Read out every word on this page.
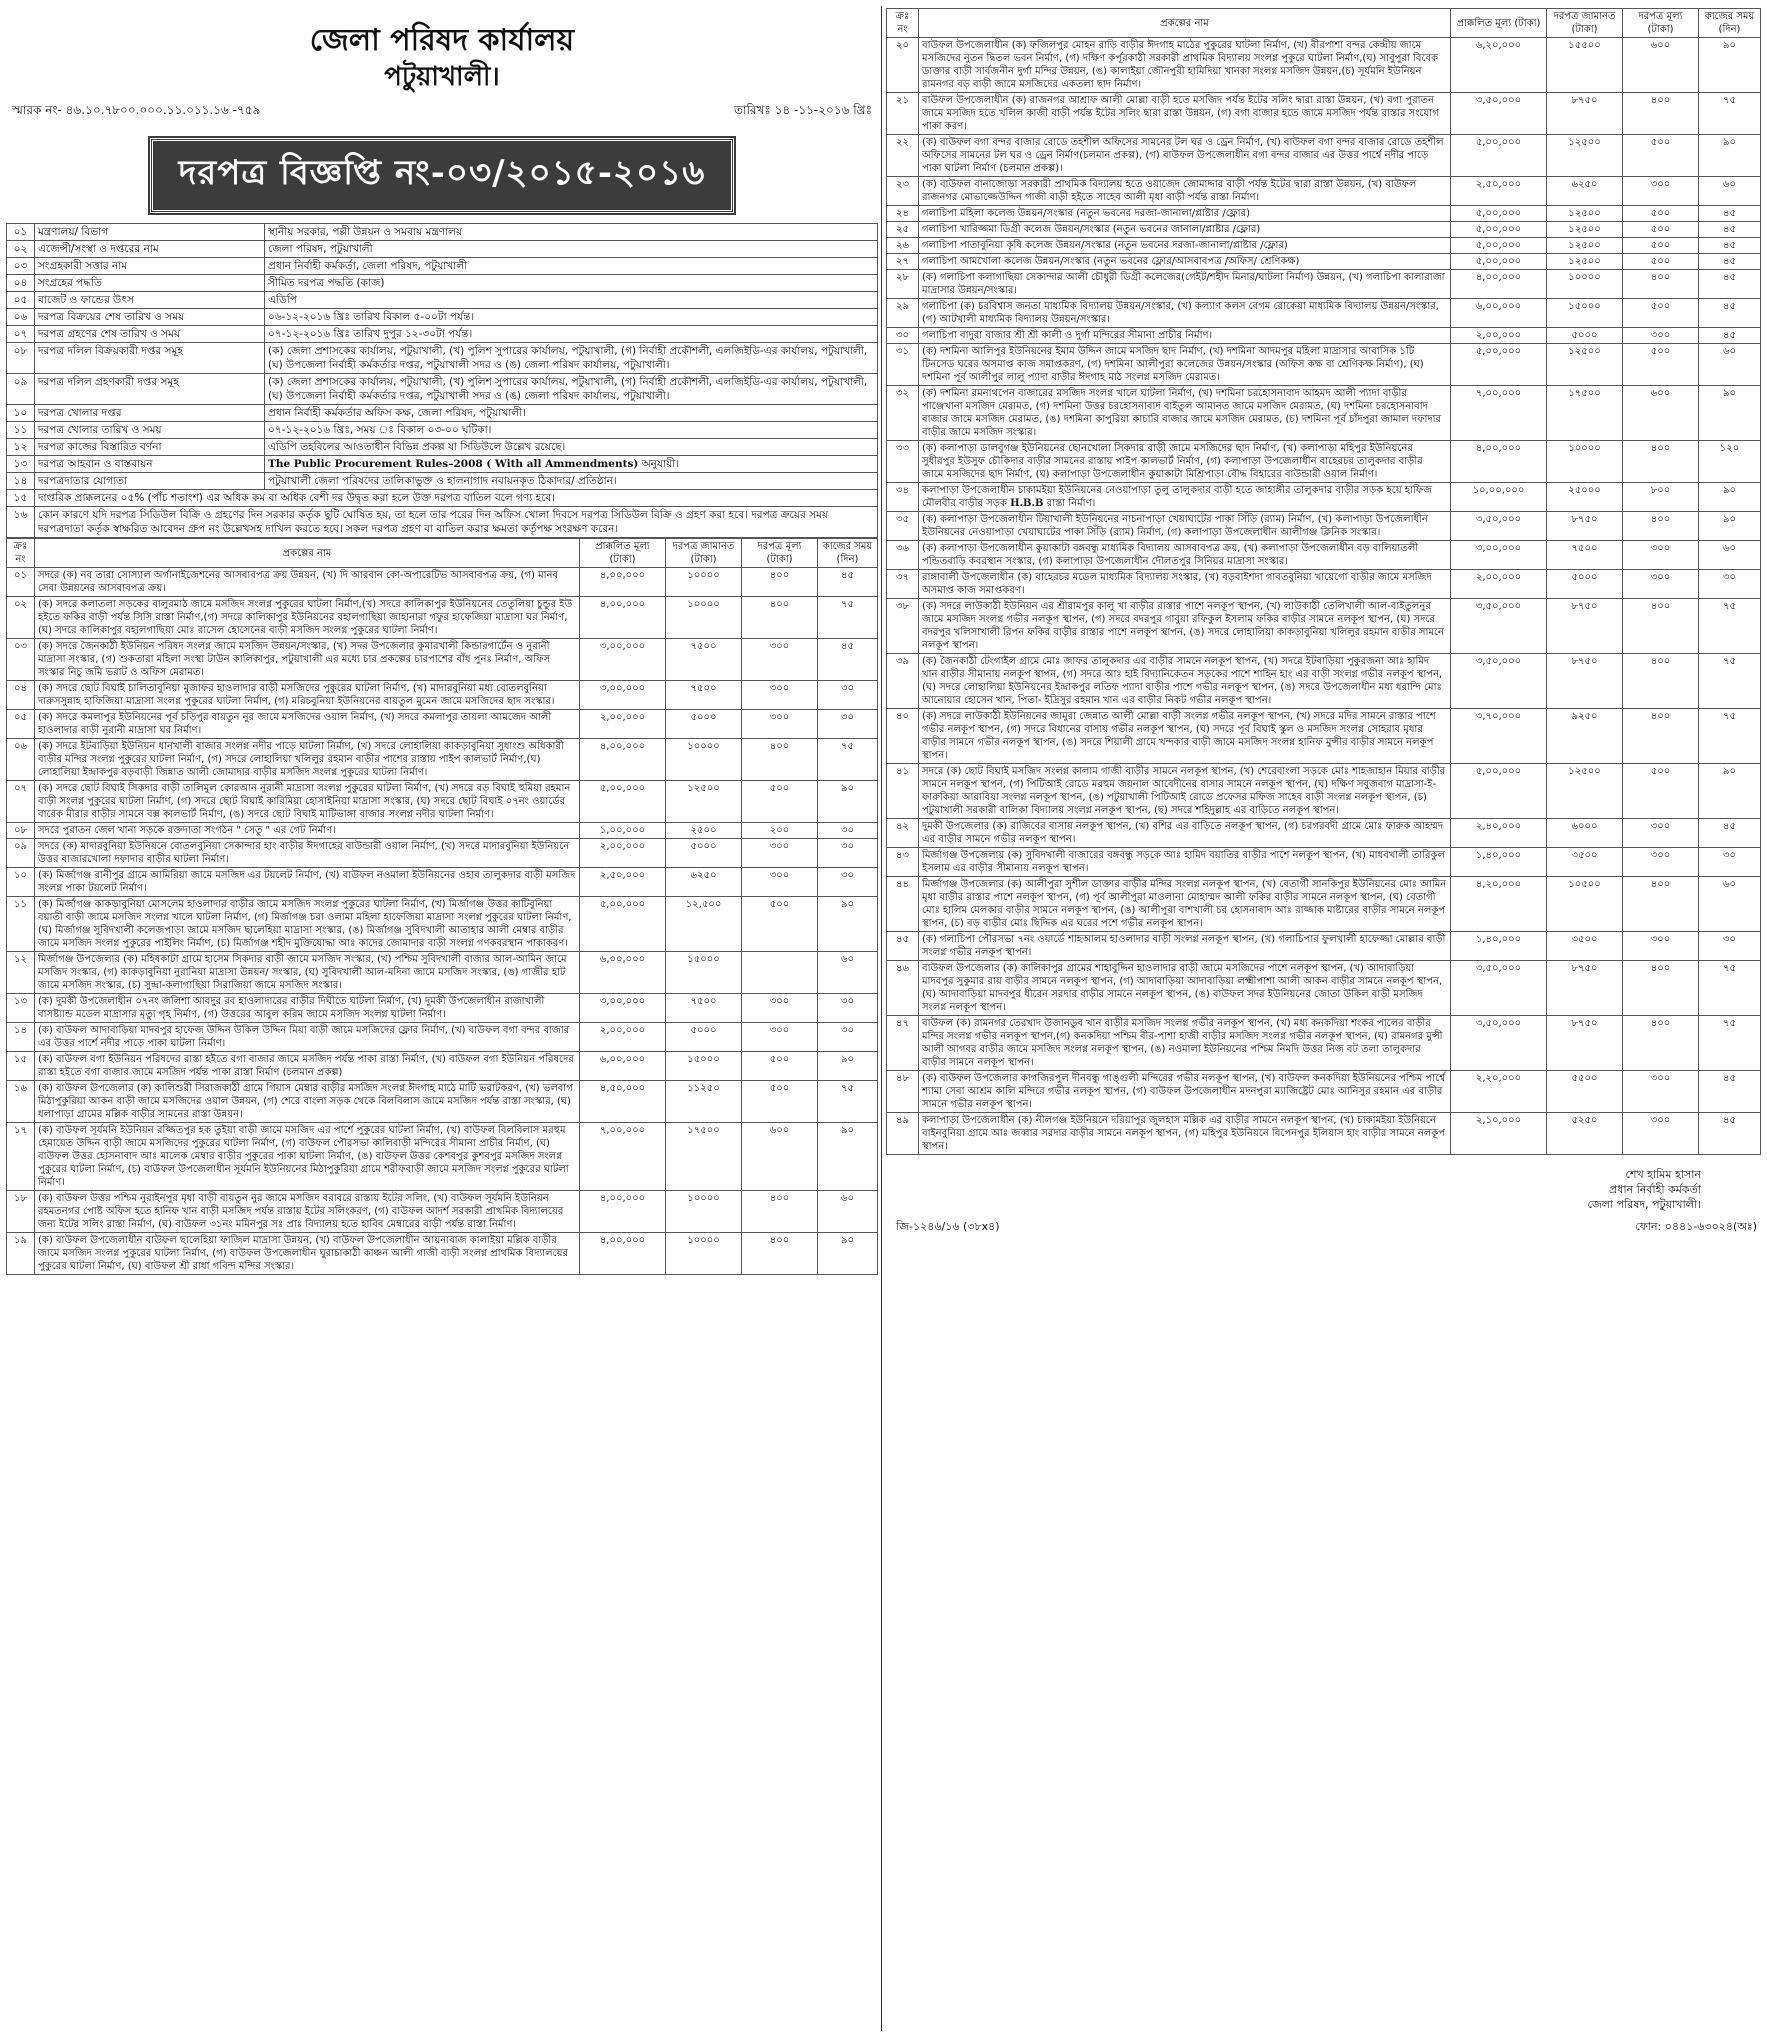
জেলা পরিষদ কার্যালয়
পটুয়াখালী।
স্মারক নং- ৪৬.১০.৭৮০০.০০০.১১.০১১.১৬ -৭৫৯	তারিখঃ ১৪ -১১-২০১৬ খ্রিঃ
দরপত্র বিজ্ঞপ্তি নং-০৩/২০১৫-২০১৬
০১	মন্ত্রণালয়/ বিভাগ	স্থানীয় সরকার, পল্লী উন্নয়ন ও সমবায় মন্ত্রণালয়
০২	এজেন্সী/সংস্থা ও দপ্তরের নাম	জেলা পরিষদ, পটুয়াখালী
০৩	সংগ্রহকারী সত্তার নাম	প্রধান নির্বাহী কর্মকর্তা, জেলা পরিষদ, পটুয়াখালী
০৪	সংগ্রহের পদ্ধতি	সীমিত দরপত্র পদ্ধতি (কাজ)
০৫	বাজেট ও ফান্ডের উৎস	এডিপি
০৬	দরপত্র বিক্রয়ের শেষ তারিখ ও সময়	০৬-১২-২০১৬ খ্রিঃ তারিখ বিকাল ৫-০০টা পর্যন্ত।
০৭	দরপত্র গ্রহণের শেষ তারিখ ও সময়	০৭-১২-২০১৬ খ্রিঃ তারিখ দুপুর ১২-৩০টা পর্যন্ত।
০৮	দরপত্র দলিল বিক্রয়কারী দপ্তর সমূহ	(ক) জেলা প্রশাসকের কার্যালয়, পটুয়াখালী, (খ) পুলিশ সুপারের কার্যালয়, পটুয়াখালী, (গ) নির্বাহী প্রকৌশলী, এলজিইডি-এর কার্যালয়, পটুয়াখালী, (ঘ) উপজেলা নির্বাহী কর্মকর্তার দপ্তর, পটুয়াখালী সদর ও (ঙ) জেলা পরিষদ কার্যালয়, পটুয়াখালী।
০৯	দরপত্র দলিল গ্রহণকারী দপ্তর সমূহ	(ক) জেলা প্রশাসকের কার্যালয়, পটুয়াখালী, (খ) পুলিশ সুপারের কার্যালয়, পটুয়াখালী, (গ) নির্বাহী প্রকৌশলী, এলজিইডি-এর কার্যালয়, পটুয়াখালী, (ঘ) উপজেলা নির্বাহী কর্মকর্তার দপ্তর, পটুয়াখালী সদর ও (ঙ) জেলা পরিষদ কার্যালয়, পটুয়াখালী।
১০	দরপত্র খোলার দপ্তর	প্রধান নির্বাহী কর্মকর্তার অফিস কক্ষ, জেলা পরিষদ, পটুয়াখালী।
১১	দরপত্র খোলার তারিখ ও সময়	০৭-১২-২০১৬ খ্রিঃ, সময় ঃ বিকাল ০৩-০০ ঘটিকা।
১২	দরপত্র কাজের বিস্তারিত বর্ণনা	এডিপি তহবিলের আওতাধীন বিভিন্ন প্রকল্প যা সিডিউলে উল্লেখ রয়েছে।
১৩	দরপত্র আহবান ও বাস্তবায়ন	The Public Procurement Rules–2008 ( With all Ammendments) অনুযায়ী।
১৪	দরপত্রদাতার যোগ্যতা	পটুয়াখালী জেলা পরিষদের তালিকাভুক্ত ও হালনাগাদ নবায়নকৃত ঠিকাদার/ প্রতিষ্ঠান।
১৫	দাপ্তরিক প্রাক্কলনের ০৫% (পাঁচ শতাংশ) এর অধিক কম বা অধিক বেশী দর উদ্বৃত করা হলে উক্ত দরপত্র বাতিল বলে গণ্য হবে।	
১৬	কোন কারণে যদি দরপত্র সিডিউল বিক্রি ও গ্রহণের দিন সরকার কর্তৃক ছুটি ঘোষিত হয়, তা হলে তার পরের দিন অফিস খোলা দিবসে দরপত্র সিডিউল বিক্রি ও গ্রহণ করা হবে। দরপত্র ক্রয়ের সময় দরপত্রদাতা কর্তৃক স্বাক্ষরিত আবেদন গ্রুপ নং উল্লেখসহ দাখিল করতে হবে। সকল দরপত্র গ্রহণ বা বাতিল করার ক্ষমতা কর্তৃপক্ষ সংরক্ষণ করেন।	
ক্রঃ নং	প্রকল্পের নাম	প্রাক্কলিত মূল্য (টাকা)	দরপত্র জামানত (টাকা)	দরপত্র মূল্য (টাকা)	কাজের সময় (দিন)
০১	সদরে (ক) নব তারা সোস্যাল অর্গানাইজেশনের আসবাবপত্র ক্রয় উন্নয়ন, (খ) দি আরবান কো-অপারেটিভ আসবাবপত্র ক্রয়, (গ) মানব সেবা উন্নয়নের আসবাবপত্র ক্রয়।	৪,০০,০০০	১০০০০	৪০০	৪৫
০২	(ক) সদরে কলাতলা সড়কের বালুরমাঠ জামে মসজিদ সংলগ্ন পুকুরের ঘাটলা নির্মাণ,(খ) সদরে কালিকাপুর ইউনিয়নের তেতুলিয়া চুন্ডুর ইউ হইতে ফকির বাড়ী পর্যন্ত সিসি রাস্তা নির্মাণ,(গ) সদরে কালিকাপুর ইউনিয়নের বহালগাছিয়া জাহানারা গফুর হাফেজিয়া মাদ্রাসা ঘর নির্মাণ, (ঘ) সদরে কালিকাপুর বহালগাছিয়া মোঃ রাসেল হোসেনের বাড়ী মসজিদ সংলগ্ন পুকুরের ঘাটলা নির্মাণ।	৪,০০,০০০	১০০০০	৪০০	৭৫
০৩	(ক) সদরে জৈনকাঠী ইউনিয়ন পরিষদ সংলগ্ন জামে মসজিদ উন্নয়ন/সংস্কার, (খ) সদর উপজেলার কুমারখালী কিন্ডারগার্টেন ও নুরানী মাদ্রাসা সংস্কার, (গ) শুকতারা মহিলা সংস্থা টাউন কালিকাপুর, পটুয়াখালী এর মধ্যে চার প্রকল্পের চারপাশের বাঁধ পুনঃ নির্মাণ, অফিস সংস্কার নিচু জমি ভরাট ও অফিস মেরামত।	৩,০০,০০০	৭৫০০	৩০০	৪৫
০৪	(ক) সদরে ছোট বিঘাই চালিতাবুনিয়া মুজাফর হাওলাদার বাড়ী মসজিদের পুকুরের ঘাটলা নির্মাণ, (খ) মাদারবুনিয়া মধ্য বোতলবুনিয়া দারুসসুন্নাহ হাফিজিয়া মাদ্রাসা সংলগ্ন পুকুরের ঘাটলা নির্মাণ, (গ) মরিচবুনিয়া ইউনিয়নের বায়তুল মুমেন জামে মসজিদের ছাদ সংস্কার।	৩,০০,০০০	৭৫০০	৩০০	৩০
০৫	(ক) সদরে কমলাপুর ইউনিয়নের পূর্ব চড়িপুর বায়তুন নুর জামে মসজিদের ওয়াল নির্মাণ, (খ) সদরে কমলাপুর তায়লা আমজেদ আলী হাওলাদার বাড়ী নুরানী মাদ্রাসা ঘর নির্মাণ।	২,০০,০০০	৫০০০	৩০০	৩০
০৬	(ক) সদরে ইটবাড়িয়া ইউনিয়ন ধানখালী বাজার সংলগ্ন নদীর পাড়ে ঘাটলা নির্মাণ, (খ) সদরে লোহালিয়া কাকড়াবুনিয়া সুধাংশু অধিকারী বাড়ীর মন্দির সংলগ্ন পুকুরের ঘাটলা নির্মাণ, (গ) সদরে লোহালিয়া খলিলুর রহমান বাড়ীর পাশের রাস্তায় পাইপ কালভার্ট নির্মাণ,(ঘ) লোহালিয়া ইন্দ্রাকপুর বড়বাড়ী জিন্নাত আলী জোমাদার বাড়ীর মসজিদ সংলগ্ন পুকুরের ঘাটলা নির্মাণ।	৪,০০,০০০	১০০০০	৪০০	৭৫
০৭	(ক) সদরে ছোট বিঘাই সিকদার বাড়ী তালিমুল কোরআন নুরানী মাদ্রাসা সংলগ্ন পুকুরের ঘাটলা নির্মাণ, (খ) সদরে বড় বিঘাই হুমিয়া রহমান বাড়ী সংলগ্ন পুকুরের ঘাটলা নির্মাণ, (গ) সদরে ছোট বিঘাই কারিমিয়া হোসাইনিয়া মাদ্রাসা সংস্কার, (ঘ) সদরে ছোট বিঘাই ০৭নং ওয়ার্ডের বারেক মীরার বাড়ীর সামনে বক্স কালভার্ট নির্মাণ, (ঙ) সদরে ছোট বিঘাই মাটিভাঙ্গা বাজার সংলগ্ন নদীর ঘাটলা নির্মাণ।	৫,০০,০০০	১২৫০০	৫০০	৯০
০৮	সদরে পুরাতন জেল খানা সড়কে রক্তদাতা সংগঠন " সেতু " এর গেট নির্মাণ।	১,০০,০০০	২৫০০	২০০	৩০
০৯	সদরে (ক) মাদারবুনিয়া ইউনিয়নে বোতলবুনিয়া সেকান্দার হাং বাড়ীর ঈদগাহের বাউন্ডারী ওয়াল নির্মাণ, (খ) সদরে মাদারবুনিয়া ইউনিয়নে উত্তর বাজারখোলা দফাদার বাড়ীর ঘাটলা নির্মাণ।	২,০০,০০০	৫০০০	৩০০	৩০
১০	(ক) মির্জাগঞ্জ রানীপুর গ্রামে আমিরিয়া জামে মসজিদ এর টয়লেট নির্মাণ, (খ) বাউফল নওমালা ইউনিয়নের ওহাব তালুকদার বাড়ী মসজিদ সংলগ্ন পাকা টয়লেট নির্মাণ।	২,৫০,০০০	৬২৫০	৩০০	৩০
১১	(ক) মির্জাগঞ্জ কাকড়াবুনিয়া মোসলেম হাওলাদার বাড়ীর জামে মসজিদ সংলগ্ন পুকুরের ঘাটলা নির্মাণ, (খ) মির্জাগঞ্জ উত্তর কাটিবুনিয়া বয়াতী বাড়ী জামে মসজিদ সংলগ্ন খালে ঘাটলা নির্মাণ, (গ) মির্জাগঞ্জ চরা ওলামা মহিলা হাফেজিয়া মাদ্রাসা সংলগ্ন পুকুরের ঘাটলা নির্মাণ, (ঘ) মির্জাগঞ্জ সুবিদখালী কলেজপাড়া জামে মসজিদ ছালেহিয়া মাদ্রাসা সংস্কার, (ঙ) মির্জাগঞ্জ সুবিদখালী আতাহার আলী মেম্বার বাড়ীর জামে মসজিদ সংলগ্ন পুকুরের পাইলিং নির্মাণ, (চ) মির্জাগঞ্জ শহীদ মুক্তিযোদ্ধা আঃ কাদের জোমাদার বাড়ী সংলগ্ন গণকবরস্থান পাকাকরণ।	৫,০০,০০০	১২,৫০০	৫০০	৯০
১২	মির্জাগঞ্জ উপজেলার (ক) মহিষকাটা গ্রামে হাসেম সিকদার বাড়ী জামে মসজিদ সংস্কার, (খ) পশ্চিম সুবিদখালী বাজার আল-আমিন জামে মসজিদ সংস্কার, (গ) কাকড়াবুনিয়া নুরানিয়া মাদ্রাসা উন্নয়ন/ সংস্কার, (ঘ) সুবিদখালী আল-মদিনা জামে মসজিদ সংস্কার, (ঙ) গাজীর হাট জামে মসজিদ সংস্কার, (চ) সুন্দ্রা-কলাগাছিয়া সিরাজিয়া জামে মসজিদ সংস্কার।	৬,০০,০০০	১৫০০০		৬০
১৩	(ক) দুমকী উপজেলাধীন ০৭নং জলিশা আবদুর রব হাওলাদারের বাড়ীর দিঘীতে ঘাটলা নির্মাণ, (খ) দুমকী উপজেলাধীন রাজাখালী বাসষ্ট্যান্ড মডেল মাদ্রাসার মৃত্যু গৃহ নির্মাণ, (গ) উত্তরের আবুল করিম জামে মসজিদ সংলগ্ন ঘাটলা নির্মাণ।	৩,০০,০০০	৭৫০০	৩০০	৩০
১৪	(ক) বাউফল আদাবাড়িয়া মাদবপুর হাফেজ উদ্দিন উকিল উদ্দিন মিয়া বাড়ী জামে মসজিদের ফ্লোর নির্মাণ, (খ) বাউফল বগা বন্দর বাজার এর উত্তর পার্শে নদীর পাড়ে পাকা ঘাটলা নির্মাণ।	২,০০,০০০	৫০০০	৩০০	৩০
১৫	(ক) বাউফল বগা ইউনিয়ন পরিষদের রাস্তা হইতে বগা বাজার জামে মসজিদ পর্যন্ত পাকা রাস্তা নির্মাণ, (খ) বাউফল বগা ইউনিয়ন পরিষদের রাস্তা হইতে বগা বাজার জামে মসজিদ পর্যন্ত পাকা রাস্তা নির্মাণ (চলমান প্রকল্প)	৬,০০,০০০	১৫০০০	৫০০	৯০
১৬	(ক) বাউফল উপজেলার (ক) কালিশুরী সিরাজকাঠী গ্রামে গিয়াস মেম্বার বাড়ীর মসজিদ সংলগ্ন ঈদগাহ মাঠে মাটি ভরাটকরণ, (খ) ভলবাগ মিঠাপুকুরিয়া আকন বাড়ী জামে মসজিদের ওয়াল উন্নয়ন, (গ) শেরে বাংলা সড়ক থেকে বিলবিলাস জামে মসজিদ পর্যন্ত রাস্তা সংস্কার, (ঘ) ধলাপাড়া গ্রামের মল্লিক বাড়ীর সামনের রাস্তা উন্নয়ন।	৪,৫০,০০০	১১২৫০	৫০০	৭৫
১৭	(ক) বাউফল সূর্যমনি ইউনিয়ন রজ্জিতপুর হক তুইয়া বাড়ী জামে মসজিদ এর পার্শে পুকুরের ঘাটলা নির্মাণ, (খ) বাউফল বিলবিলাস মরহুম হেমায়েত উদ্দিন বাড়ী জামে মসজিদের পুকুরের ঘাটলা নির্মাণ, (গ) বাউফল পৌরসভা কালিবাড়ী মন্দিরের সীমানা প্রাচীর নির্মাণ, (ঘ) বাউফল উত্তর হোসনাবাদ আঃ মালেক মেম্বার বাড়ীর পুকুরের পাকা ঘাটলা নির্মাণ, (ঙ) বাউফল উত্তর কেশবপুর কুশবপুর মসজিদ সংলগ্ন পুকুরের ঘাটলা নির্মাণ, (চ) বাউফল উপজেলাধীন সূর্যমনি ইউনিয়নের মিঠাপুকুরিয়া গ্রামে শরীফবাড়ী জামে মসজিদ সংলগ্ন পুকুরের ঘাটলা নির্মাণ।	৭,০০,০০০	১৭৫০০	৬০০	৯০
১৮	(ক) বাউফল উত্তর পশ্চিম নুরাইনপুর মৃধা বাড়ী বায়তুন নুর জামে মসজিদ বরাবরে রাস্তায় ইটের সলিং, (খ) বাউফল সূর্যমনি ইউনিয়ন রহমতনগর পোষ্ট অফিস হতে হানিফ খান বাড়ী মসজিদ পর্যন্ত রাস্তায় ইটের সলিংকরণ, (গ) বাউফল আদর্শ সরকারী প্রাথমিক বিদ্যালয়ের জন্য ইটের সলিং রাস্তা নির্মাণ, (ঘ) বাউফল ৩১নং মমিনপুর সঃ প্রাঃ বিদ্যালয় হতে হাবিব মেম্বারের বাড়ী পর্যন্ত রাস্তা নির্মাণ।	৪,০০,০০০	১০০০০	৪০০	৬০
১৯	(ক) বাউফল উপজেলাধীন বাউফল ছালেহিয়া ফাজিল মাদ্রাসা উন্নয়ন, (খ) বাউফল উপজেলাধীন আয়নাবাজ কালাইয়া মল্লিক বাড়ীর জামে মসজিদ সংলগ্ন পুকুরের ঘাটলা নির্মাণ, (গ) বাউফল উপজেলাধীন ঘুরাচাকাঠী কাঞ্চন আলী গাজী বাড়ী সংলগ্ন প্রাথমিক বিদ্যালয়ের পুকুরের ঘাটলা নির্মাণ, (ঘ) বাউফল শ্রী রাধা গবিন্দ মন্দির সংস্কার।	৪,০০,০০০	১০০০০	৪০০	৯০
ক্রঃ নং	প্রকল্পের নাম	প্রাক্কলিত মূল্য (টাকা)	দরপত্র জামানত (টাকা)	দরপত্র মূল্য (টাকা)	কাজের সময় (দিন)
২০	বাউফল উপজেলাধীন (ক) ফজিলপুর মোহন রাড়ি বাড়ীর ঈদগাহ মাঠের পুকুরের ঘাটলা নির্মাণ, (খ) বীরপাশা বন্দর কেন্দ্রীয় জামে মসজিদের নুতন দ্বিতল ভবন নির্মাণ, (গ) দক্ষিণ কর্পূরকাঠী সরকারী প্রাথমিক বিদ্যালয় সংলগ্ন পুকুরে ঘাটলা নির্মাণ,(ঘ) সাবুপুরা বিবেক ডাক্তার বাড়ী সার্বজনীন দুর্গা মন্দির উন্নয়ন, (ঙ) কালাইয়া জৌনপুরী হামিদিয়া খানকা সংলগ্ন মসজিদ উন্নয়ন,(চ) সূর্যমনি ইউনিয়ন রামনগর বড় বাড়ী জামে মসজিদের একতলা ছাদ নির্মাণ।	৬,২০,০০০	১৫৫০০	৬০০	৯০
২১	বাউফল উপজেলাধীন (ক) রাজনগর আশ্রাফ আলী মোল্লা বাড়ী হতে মসজিদ পর্যন্ত ইটের সলিং দ্বারা রাস্তা উন্নয়ন, (খ) বগা পুরাতন জামে মসজিদ হতে খলিল কাজী বাড়ী পর্যন্ত ইটের সলিং দ্বারা রাস্তা উন্নয়ন, (গ) বগা বাজার হতে জামে মসজিদ পর্যন্ত রাস্তার সংযোগ পাকা করণ।	৩,৫০,০০০	৮৭৫০	৪০০	৭৫
২২	(ক) বাউফল বগা বন্দর বাজার রোডে তহশীল অফিসের সামনের টল ঘর ও ড্রেন নির্মাণ, (খ) বাউফল বগা বন্দর বাজার রোডে তহশীল অফিসের সামনের টল ঘর ও ড্রেন নির্মাণ(চলমান প্রকল্প), (গ) বাউফল উপজেলাধীন বগা বন্দর বাজার এর উত্তর পার্শ্বে নদীর পাড়ে পাকা ঘাটলা নির্মাণ (চলমান প্রকল্প)।	৫,০০,০০০	১২৫০০	৫০০	৯০
২৩	(ক) বাউফল বানাজোড়া সরকারী প্রাথমিক বিদ্যালয় হতে ওয়াজেদ জোমাদ্দার বাড়ী পর্যন্ত ইটের দ্বারা রাস্তা উন্নয়ন, (খ) বাউফল রাজনগর মোভাজ্জেউদ্দিন গাজী বাড়ী হইতে সাহেব আলী মৃধা বাড়ী পর্যন্ত রাস্তা নির্মাণ।	২,৫০,০০০	৬২৫০	৩০০	৬০
২৪	গলাচিপা মহিলা কলেজ উন্নয়ন/সংস্কার (নতুন ভবনের দরজা-জানালা/প্লাষ্টার /ফ্লোর)	৫,০০,০০০	১২৫০০	৫০০	৪৫
২৫	গলাচিপা খারিজ্জমা ডিগ্রী কলেজ উন্নয়ন/সংস্কার (নতুন ভবনের জানালা/প্লাষ্টার /ফ্লোর)	৫,০০,০০০	১২৫০০	৫০০	৪৫
২৬	গলাচিপা পাতাবুনিয়া কৃষি কলেজ উন্নয়ন/সংস্কার (নতুন ভবনের দরজা-জানালা/প্লাষ্টার /ফ্লোর)	৫,০০,০০০	১২৫০০	৫০০	৪৫
২৭	গলাচিপা আমখোলা কলেজ উন্নয়ন/সংস্কার (নতুন ভবনের ফ্লোর/আসবাবপত্র /অফিস/ শ্রেণিকক্ষ)	৫,০০,০০০	১২৫০০	৫০০	৪৫
২৮	(ক) গলাচিপা কলাগাছিয়া সেকান্দার আলী চৌধুরী ডিগ্রী কলেজের(গেইট/শহীদ মিনার/ঘাটলা নির্মাণ) উন্নয়ন, (খ) গলাচিপা কালারাজা মাদ্রাসার উন্নয়ন/সংস্কার।	৪,০০,০০০	১০০০০	৪০০	৪৫
২৯	গলাচিপা (ক) চরবিশ্বাস জনতা মাধ্যমিক বিদ্যালয় উন্নয়ন/সংস্কার, (খ) কল্যাণ কলস বেগম রোকেয়া মাধ্যমিক বিদ্যালয় উন্নয়ন/সংস্কার, (গ) আটখালী মাধ্যমিক বিদ্যালয় উন্নয়ন/সংস্কার।	৬,০০,০০০	১৫০০০	৫০০	৪৫
৩০	গলাচিপা বাদুরা বাজার শ্রী শ্রী কালী ও দুর্গা মন্দিরের সীমানা প্রাচীর নির্মাণ।	২,০০,০০০	৫০০০	৩০০	৪৫
৩১	(ক) দশমিনা আলিপুর ইউনিয়নের ইমাম উদ্দিন জামে মসজিদ ছাদ নির্মাণ, (খ) দশমিনা আদমপুর মহিলা মাদ্রাসার আবাসিক ১টি টিনসেড ঘরের অসমাপ্ত কাজ সমাপ্তকরণ, (গ) দশমিনা আলীপুরা কলেজের উন্নয়ন/সংস্কার (অফিস কক্ষ বা শ্রেণিকক্ষ নির্মাণ), (ঘ) দশমিনা পূর্ব আলীপুর লালু প্যাদা বাড়ীর ঈদগাহ মাঠ সংলগ্ন মসজিদ মেরামত।	৫,০০,০০০	১২৫০০	৫০০	৬০
৩২	(ক) দশমিনা রমনাথপেন বাজারের মসজিদ সংলগ্ন খালে ঘাটলা নির্মাণ, (খ) দশমিনা চরহোসনাবাদ আহমদ আলী প্যাদা বাড়ীর পাঞ্জেখানা মসজিদ মেরামত, (গ) দশমিনা উত্তর চরহোসনাবাদ বাইতুল আমানত জামে মসজিদ মেরামত, (ঘ) দশমিনা চরহোসনাবাদ বাজার জামে মসজিদ মেরামত, (ঙ) দশমিনা কাপুরিয়া কাচারি বাজার জামে মসজিদ মেরামত, (চ) দশমিনা পূর্ব চাঁদপুরা জামাল দফাদার বাড়ীর জামে মসজিদ সংস্কার।	৭,০০,০০০	১৭৫০০	৬০০	৯০
৩৩	(ক) কলাপাড়া ডালবুগঞ্জ ইউনিয়নের ছোনখোলা সিকদার বাড়ী জামে মসজিদের ছাদ নির্মাণ, (খ) কলাপাড়া মহিপুর ইউনিয়নের সুধীরপুর ইউসুফ চৌকিদার বাড়ীর সামনের রাস্তায় পাইপ কালভার্ট নির্মাণ, (গ) কলাপাড়া উপজেলাধীন বাহেরচর তালুকদার বাড়ীর জামে মসজিদের ছাদ নির্মাণ, (ঘ) কলাপাড়া উপজেলাধীন কুয়াকাটা মিশ্রিপাড়া বৌদ্ধ বিহারের বাউন্ডারী ওয়াল নির্মাণ।	৪,০০,০০০	১০০০০	৪০০	১২০
৩৪	কলাপাড়া উপজেলাধীন চাকামইয়া ইউনিয়নের নেওয়াপাড়া তুলু তালুকদার বাড়ী হতে জাহাঙ্গীর তালুকদার বাড়ীর সড়ক হয়ে হাফিজ মৌলবীর বাড়ীর সড়ক H.B.B রাস্তা নির্মাণ।	১০,০০,০০০	২৫০০০	৮০০	৯০
৩৫	(ক) কলাপাড়া উপজেলাধীন টিয়াখালী ইউনিয়নের নাচনাপাড়া খেয়াঘাটের পাকা সিঁড়ি (র‍্যাম) নির্মাণ, (খ) কলাপাড়া উপজেলাধীন ইউনিয়নের নেওয়াপাড়া খেয়াঘাটের পাকা সিঁড়ি (র‍্যাম) নির্মাণ, (গ) কলাপাড়া উপজেলাধীন আলীগঞ্জ ক্লিনিক সংস্কার।	৩,৫০,০০০	৮৭৫০	৪০০	৯০
৩৬	(ক) কলাপাড়া উপজেলাধীন কুয়াকাটা বঙ্গবন্ধু মাধ্যমিক বিদ্যালয় আসবাবপত্র ক্রয়, (খ) কলাপাড়া উপজেলাধীন বড় বালিয়াতলী পন্ডিতবাড়ি কবরস্থান সংস্কার, (গ) কলাপাড়া উপজেলাধীন দৌলতপুর সিনিয়র মাদ্রাসা সংস্কার।	৩,০০,০০০	৭৫০০	৩০০	৬০
৩৭	রাঙ্গাবালী উপজেলাধীন (ক) বাহেরচর মডেল মাধ্যমিক বিদ্যালয় সংস্কার, (খ) বড়বাইশদা গাবতবুনিয়া খায়েগো বাড়ীর জামে মসজিদ অসমাপ্ত কাজ সমাপ্তকরণ।	২,০০,০০০	৫০০০	৩০০	৩০
৩৮	(ক) সদরে লাউকাঠী ইউনিয়ন এর শ্রীরামপুর কালু খা বাড়ীর রাস্তার পাশে নলকূপ স্থাপন, (খ) লাউকাঠী তেলিখালী আল-বাইতুলনুর জামে মসজিদ সংলগ্ন গভীর নলকূপ স্থাপন, (গ) সদরে বদরপুর গাবুয়া রফিকুল ইসলাম ফকির বাড়ীর সামনে নলকূপ স্থাপন, (ঘ) সদরে বদরপুর খলিসাখালী রিপন ফকির বাড়ীর রাস্তার পাশে নলকূপ স্থাপন, (ঙ) সদরে লোহালিয়া কাকড়াবুনিয়া খলিলুর রহমান বাড়ীর সামনে নলকূপ স্থাপন।	৩,৫০,০০০	৮৭৫০	৪০০	৭৫
৩৯	(ক) জৈনকাঠী টেংগাইল গ্রামে মোঃ জাফর তালুকদার এর বাড়ীর সামনে নলকূপ স্থাপন, (খ) সদরে ইটবাড়িয়া পুকুরজনা আঃ হামিদ খান বাড়ীর সীমানায় নলকূপ স্থাপন, (গ) সদরে আঃ হাই বিদ্যানিকেতন সড়কের পাশে শাহিন হাং এর বাড়ী সংলগ্ন গভীর নলকূপ স্থাপন, (ঘ) সদরে লোহালিয়া ইউনিয়নের ইন্দ্রাকপুর লতিফ প্যাদা বাড়ীর পাশে গভীর নলকূপ স্থাপন, (ঙ) সদরে উপজেলাধীন মধ্য ধরান্দি মোঃ আনোয়ার হোসেন খান, পিতা- ইদ্রিসুর রহমান খান এর বাড়ীর নিকট গভীর নলকূপ স্থাপন।	৩,৫০,০০০	৮৭৫০	৪০০	৭৫
৪০	(ক) সদরে লাউকাঠী ইউনিয়নের জামুরা জেন্নাত আলী মোল্লা বাড়ী সংলগ্ন গভীর নলকূপ স্থাপন, (খ) সদরে মদির সামনে রাস্তার পাশে গভীর নলকূপ স্থাপন, (গ) সদরে বিধানের বাসায় গভীর নলকূপ স্থাপন, (ঘ) সদরে পূর্ব বিঘাই স্কুল ও মসজিদ সংলগ্ন সোহরাব মৃধার বাড়ীর সামনে গভীর নলকূপ স্থাপন, (ঙ) সদরে শিয়ালী গ্রামে খন্দকার বাড়ী জামে মসজিদ সংলগ্ন হানিফ মুন্সীর বাড়ীর সামনে নলকূপ স্থাপন।	৩,৭০,০০০	৯২৫০	৪০০	৭৫
৪১	সদরে (ক) ছোট বিঘাই মসজিদ সংলগ্ন কালাম গাজী বাড়ীর সামনে নলকূপ স্থাপন, (খ) শেরেবাংলা সড়কে মোঃ শাহজাহান মিয়ার বাড়ীর সামনে নলকূপ স্থাপন, (গ) পিটিআই রোডে মরহুম জয়নাল আবেদীনের বাসার সামনে নলকূপ স্থাপন, (ঘ) দক্ষিণ সবুজবাগ মাদ্রাসা-ই-ফারুকিয়া আরাবিয়া সংলগ্ন নলকূপ স্থাপন, (ঙ) পটুয়াখালী পিটিআই রোডে প্রফেসর মফিজ সাহেব বাড়ী সংলগ্ন নলকূপ স্থাপন, (চ) পটুয়াখালী সরকারী বালিকা বিদ্যালয় সংলগ্ন নলকূপ স্থাপন, (ছ) সদরে শহিদুল্লাহ এর বাড়িতে নলকূপ স্থাপন।	৫,০০,০০০	১২৫০০	৫০০	৯০
৪২	দুমকী উপজেলার (ক) রাজিবের বাসায় নলকূপ স্থাপন, (খ) বশির এর বাড়িতে নলকূপ স্থাপন, (গ) চরগরবদী গ্রামে মোঃ ফারুক আহম্মদ এর বাড়ীর সামনে গভীর নলকূপ স্থাপন।	২,৪০,০০০	৬০০০	৩০০	৪৫
৪৩	মির্জাগঞ্জ উপজেলায় (ক) সুবিদখালী বাজারের বঙ্গবন্ধু সড়কে আঃ হামিদ বয়াতির বাড়ীর পাশে নলকূপ স্থাপন, (খ) মাধবখালী তারিকুল ইসলাম এর বাড়ীর সীমানায় নলকূপ স্থাপন।	১,৪০,০০০	৩৫০০	৩০০	৩০
৪৪	মির্জাগঞ্জ উপজেলার (ক) আলীপুরা সুশীল ডাক্তার বাড়ীর মন্দির সংলগ্ন নলকূপ স্থাপন, (খ) বেতাগী সানকিপুর ইউনিয়নের মোঃ আমিন মৃধা বাড়ীর রাস্তার পাশে নলকূপ স্থাপন, (গ) পূর্ব আলীপুরা মাওলানা মোহাম্মদ আলী ফকির বাড়ীর সামনে নলকূপ স্থাপন, (ঘ) বেতাগী মোঃ হালিম মেলকার বাড়ীর সামনে নলকূপ স্থাপন, (ঙ) আলীপুরা বাশখালী চর হোসনাবাদ আঃ রাজ্জাক মাষ্টারের বাড়ীর সামনে নলকূপ স্থাপন, (চ) বড় বাড়ীর মোঃ ছিদ্দিক এর ঘরের পশে গভীর নলকূপ স্থাপন।	৪,২০,০০০	১০৫০০	৪০০	৬০
৪৫	(ক) গলাচিপা পৌরসভা ৭নং ওয়ার্ডে শাহআলম হাওলাদার বাড়ী সংলগ্ন নলকূপ স্থাপন, (খ) গলাচিপার ফুলখালী হাফেজ্জা মোল্লার বাড়ী সংলগ্ন গভীর নলকূপ স্থাপন।	১,৪০,০০০	৩৫০০	৩০০	৩০
৪৬	বাউফল উপজেলার (ক) কালিকাপুর গ্রামের শাহাবুদ্দিন হাওলাদার বাড়ী জামে মসজিদের পাশে নলকূপ স্থাপন, (খ) আদাবাড়িয়া মাদবপুর সুকুমার রায় বাড়ীর সামনে নলকূপ স্থাপন, (গ) আদাবাড়িয়া আদাবাড়িয়া লক্ষ্মীপাশা আলী আকন বাড়ীর সামনে নলকূপ স্থাপন, (ঘ) আদাবাড়িয়া মাদবপুর ধীরেন সরদার বাড়ীর সামনে নলকূপ স্থাপন, (ঙ) বাউফল সদর ইউনিয়নের জোতা উকিল বাড়ী মসজিদ সংলগ্ন নলকূপ স্থাপন।	৩,৫০,০০০	৮৭৫০	৪০০	৭৫
৪৭	বাউফল (ক) রামনগর তেরখাদ উজানডুব খান বাড়ীর মসজিদ সংলগ্ন গভীর নলকূপ স্থাপন, (খ) মধ্য কনকদিয়া শংকর পালের বাড়ীর মন্দির সংলগ্ন গভীর নলকূপ স্থাপন,(গ) কনকদিয়া পশ্চিম বীর-পাশা হাজী বাড়ীর মসজিদ সংলগ্ন গভীর নলকূপ স্থাপন, (ঘ) রামনগর মুন্সী আলী আগবর বাড়ীর জামে মসজিদ সংলগ্ন নলকূপ স্থাপন, (ঙ) নওমালা ইউনিয়নের পশ্চিম নিমদি উত্তর নিজ বট তলা তালুকদার বাড়ীর সামনে নলকূপ স্থাপন।	৩,৫০,০০০	৮৭৫০	৪০০	৭৫
৪৮	(ক) বাউফল উপজেলার কাগজিরপুল দীনবন্ধু গাঙ্গুলী মন্দিরের গভীর নলকূপ স্থাপন, (খ) বাউফল কনকদিয়া ইউনিয়নের পশ্চিম পার্শ্বে শ্যামা সেবা আশ্রম কালি মন্দিরে গভীর নলকূপ স্থাপন, (গ) বাউফল উপজেলাধীন মদনপুরা ম্যাজিষ্ট্রেট মোঃ আনিসুর রহমান এর বাড়ীর সামনে গভীর নলকূপ স্থাপন।	২,২০,০০০	৫৫০০	৩০০	৪৫
৪৯	কলাপাড়া উপজেলাধীন (ক) নীলগঞ্জ ইউনিয়নে দরিয়াপুর জুলহাস মল্লিক এর বাড়ীর সামনে নলকূপ স্থাপন, (খ) চাকামইয়া ইউনিয়নে বাইনবুনিয়া গ্রামে আঃ জব্বার সরদার বাড়ীর সামনে নলকূপ স্থাপন, (গ) মহিপুর ইউনিয়নে বিপেনপুর ইলিয়াস হাং বাড়ীর সামনে নলকূপ স্থাপন।	২,১০,০০০	৫২৫০	৩০০	৪৫
শেখ হামিম হাসান
প্রধান নির্বাহী কর্মকর্তা
জেলা পরিষদ, পটুয়াখালী।
জি-১২৪৬/১৬ (৩৮x৪)	ফোন: ০৪৪১-৬৩০২৪(অঃ)
